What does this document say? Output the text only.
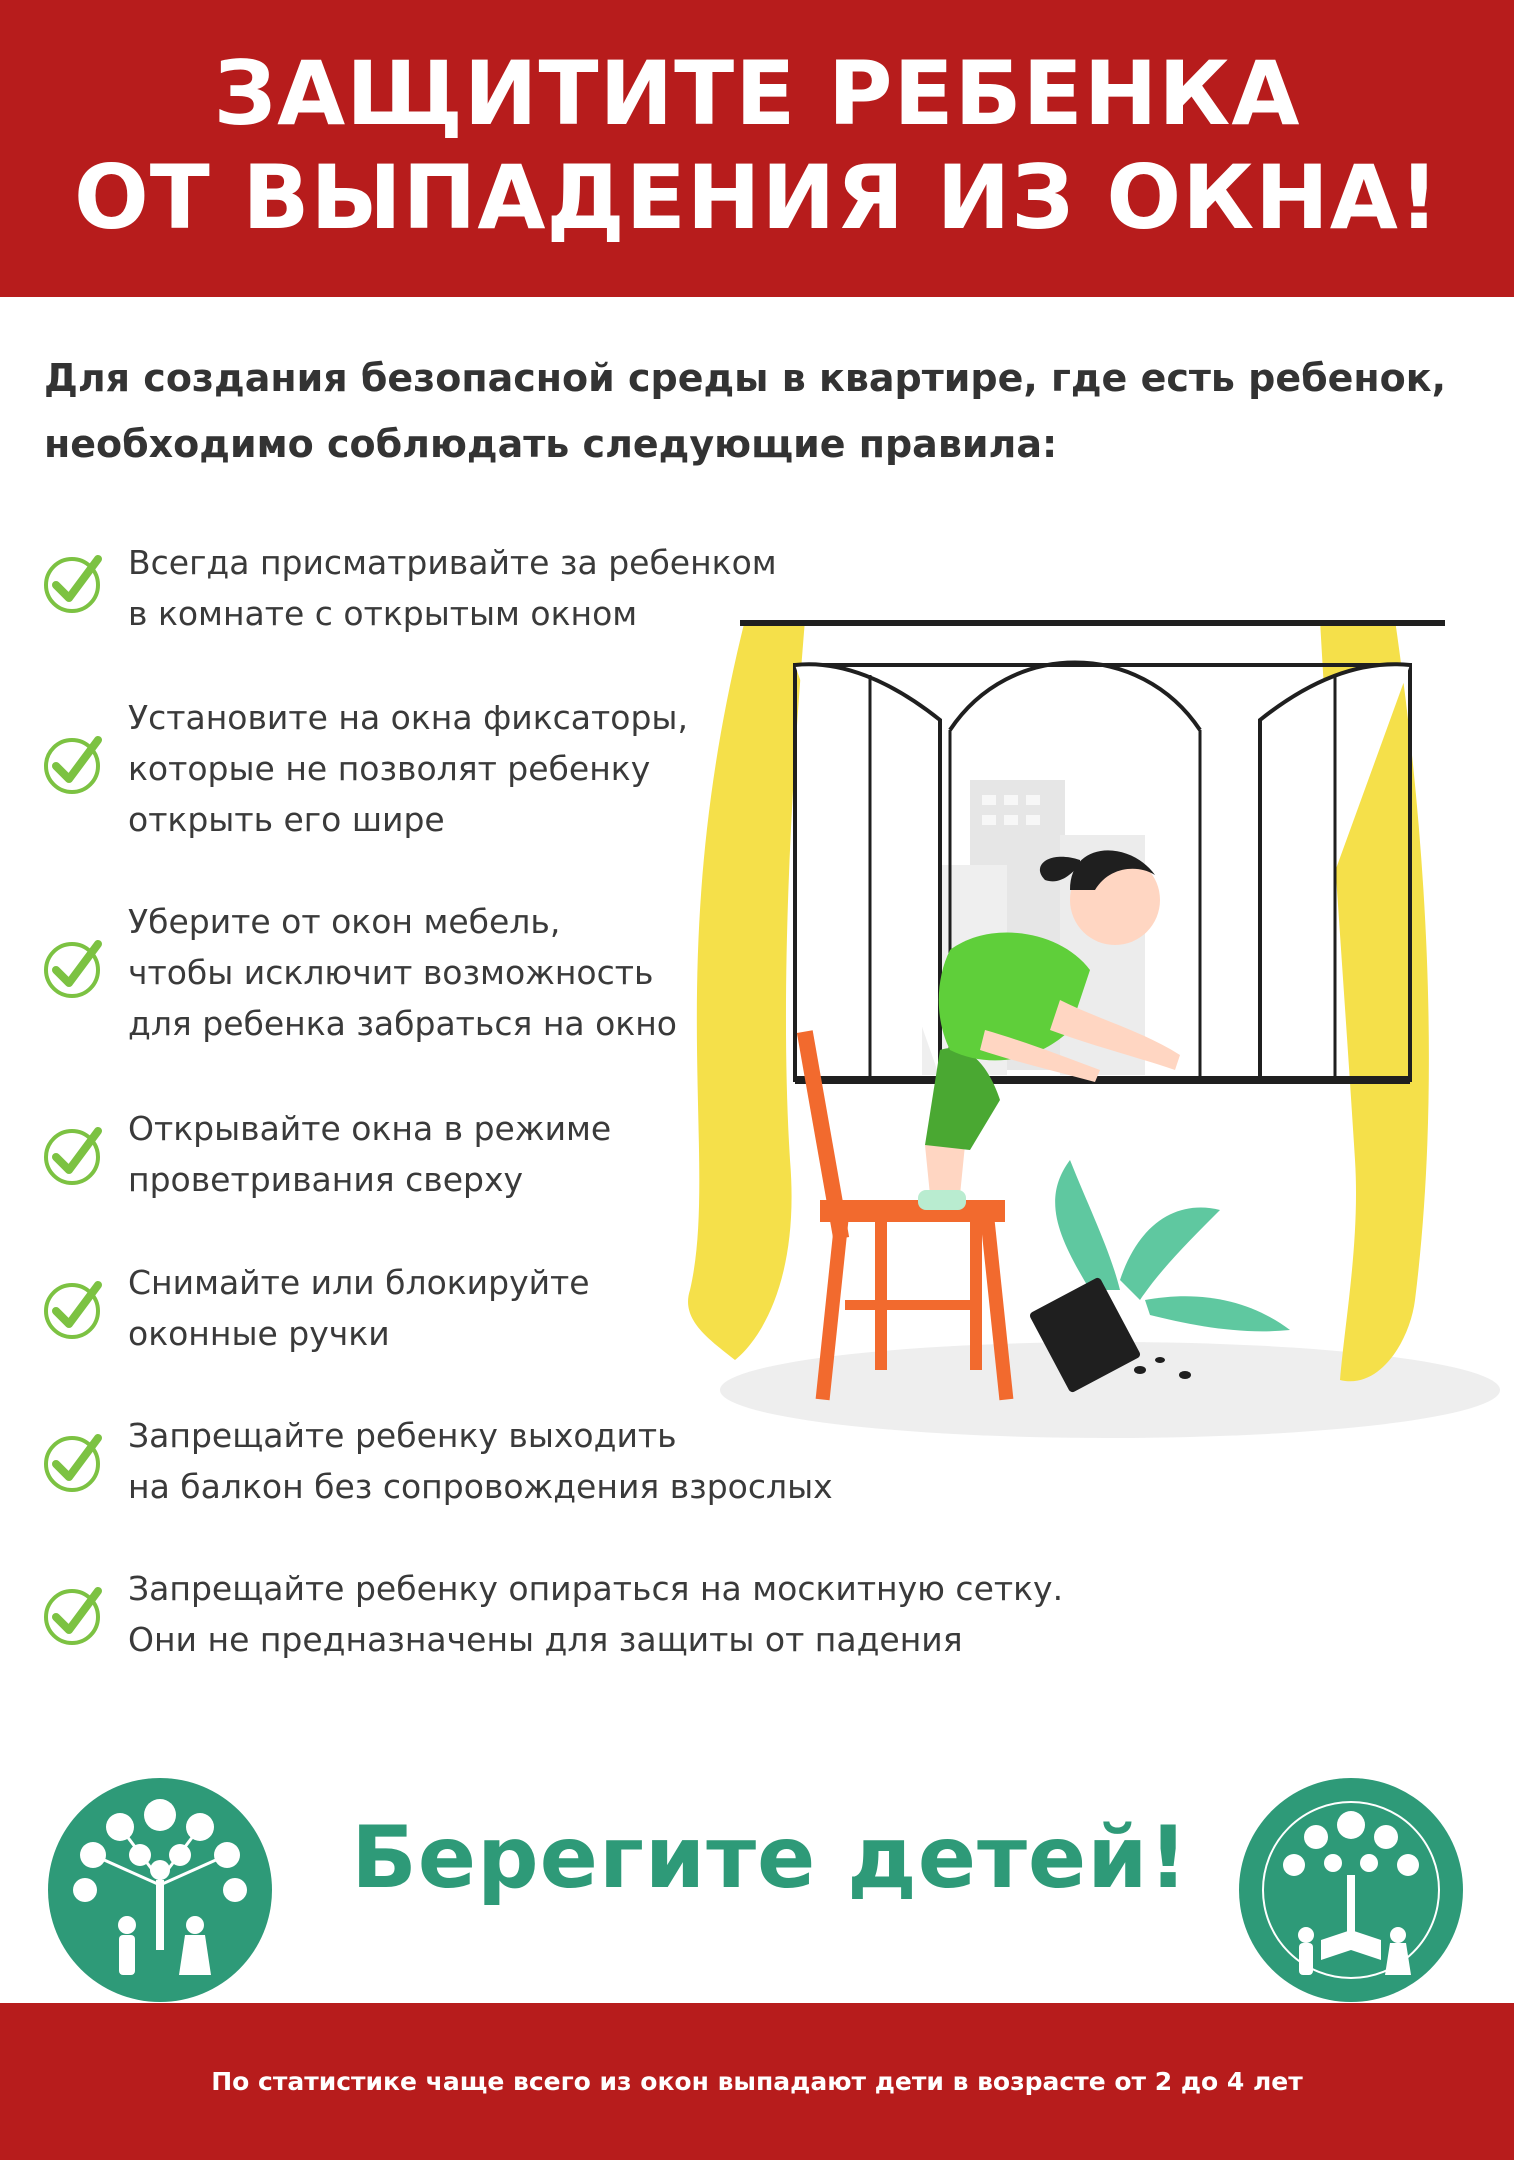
ЗАЩИТИТЕ РЕБЕНКА
ОТ ВЫПАДЕНИЯ ИЗ ОКНА!
Для создания безопасной среды в квартире, где есть ребенок,
необходимо соблюдать следующие правила:
Всегда присматривайте за ребенком
в комнате с открытым окном
Установите на окна фиксаторы,
которые не позволят ребенку
открыть его шире
Уберите от окон мебель,
чтобы исключит возможность
для ребенка забраться на окно
Открывайте окна в режиме
проветривания сверху
Снимайте или блокируйте
оконные ручки
Запрещайте ребенку выходить
на балкон без сопровождения взрослых
Запрещайте ребенку опираться на москитную сетку.
Они не предназначены для защиты от падения
Берегите детей!
По статистике чаще всего из окон выпадают дети в возрасте от 2 до 4 лет
